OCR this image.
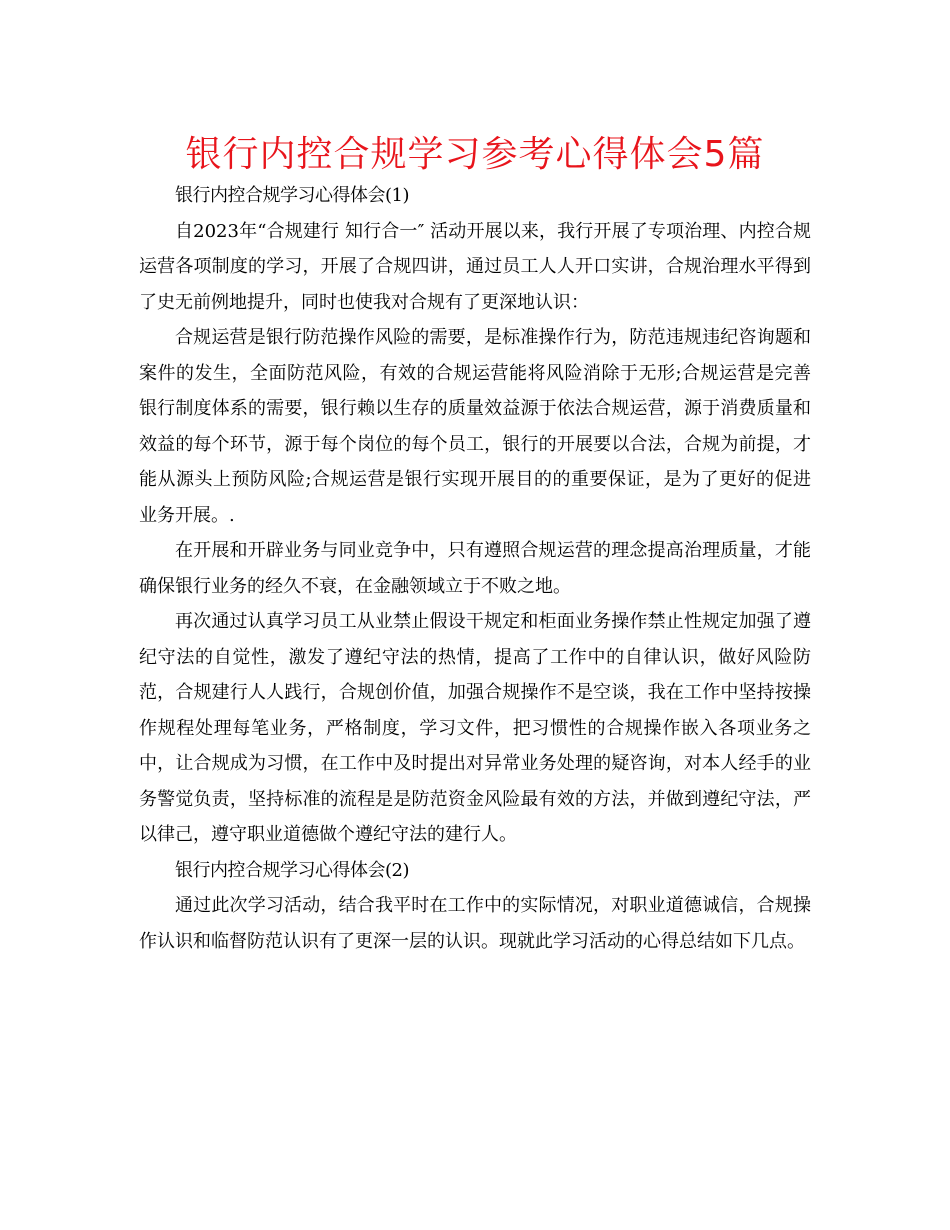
银行内控合规学习参考心得体会5篇

银行内控合规学习心得体会(1)

自2023年“合规建行 知行合一″ 活动开展以来，我行开展了专项治理、内控合规运营各项制度的学习，开展了合规四讲，通过员工人人开口实讲，合规治理水平得到了史无前例地提升，同时也使我对合规有了更深地认识：

合规运营是银行防范操作风险的需要，是标准操作行为，防范违规违纪咨询题和案件的发生，全面防范风险，有效的合规运营能将风险消除于无形;合规运营是完善银行制度体系的需要，银行赖以生存的质量效益源于依法合规运营，源于消费质量和效益的每个环节，源于每个岗位的每个员工，银行的开展要以合法，合规为前提，才能从源头上预防风险;合规运营是银行实现开展目的的重要保证，是为了更好的促进业务开展。.

在开展和开辟业务与同业竞争中，只有遵照合规运营的理念提高治理质量，才能确保银行业务的经久不衰，在金融领域立于不败之地。

再次通过认真学习员工从业禁止假设干规定和柜面业务操作禁止性规定加强了遵纪守法的自觉性，激发了遵纪守法的热情，提高了工作中的自律认识，做好风险防范，合规建行人人践行，合规创价值，加强合规操作不是空谈，我在工作中坚持按操作规程处理每笔业务，严格制度，学习文件，把习惯性的合规操作嵌入各项业务之中，让合规成为习惯，在工作中及时提出对异常业务处理的疑咨询，对本人经手的业务警觉负责，坚持标准的流程是是防范资金风险最有效的方法，并做到遵纪守法，严以律己，遵守职业道德做个遵纪守法的建行人。

银行内控合规学习心得体会(2)

通过此次学习活动，结合我平时在工作中的实际情况，对职业道德诚信，合规操作认识和临督防范认识有了更深一层的认识。现就此学习活动的心得总结如下几点。
